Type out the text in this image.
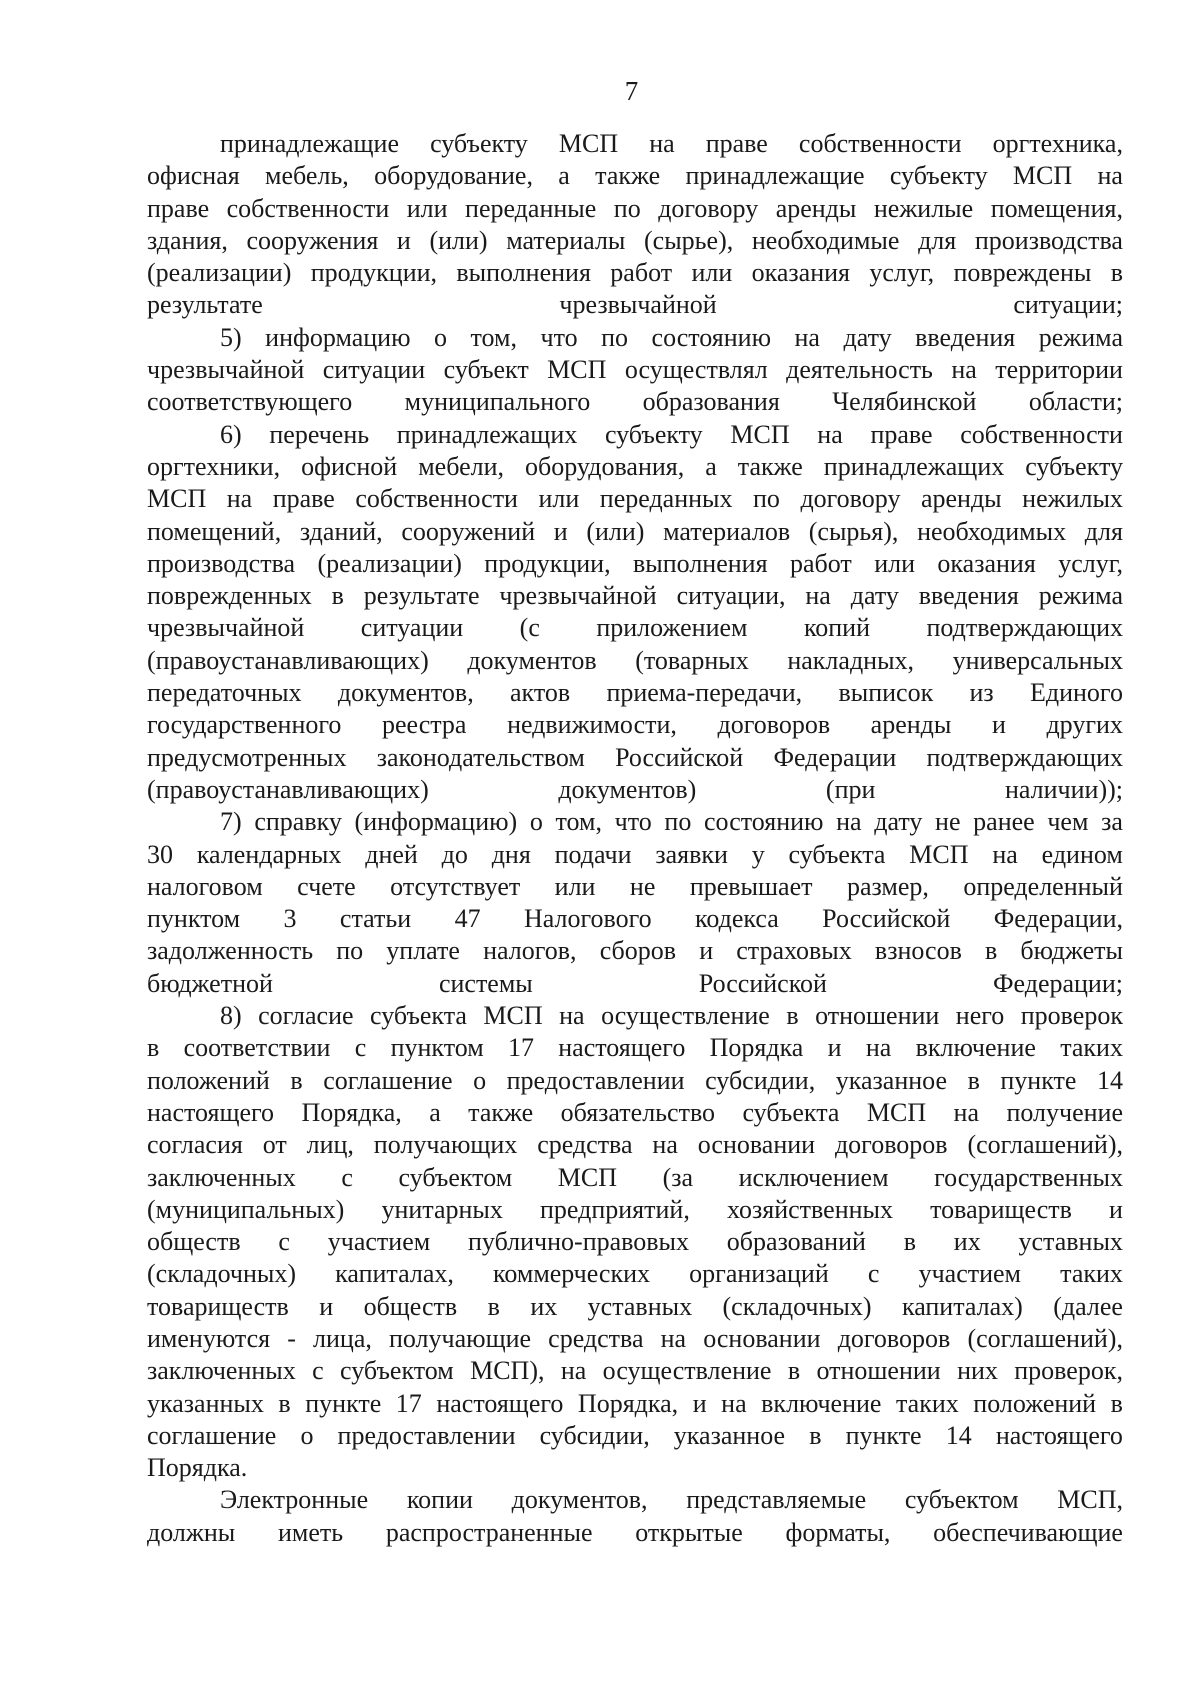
7
принадлежащие субъекту МСП на праве собственности оргтехника,
офисная мебель, оборудование, а также принадлежащие субъекту МСП на
праве собственности или переданные по договору аренды нежилые помещения,
здания, сооружения и (или) материалы (сырье), необходимые для производства
(реализации) продукции, выполнения работ или оказания услуг, повреждены в
результате чрезвычайной ситуации;
5) информацию о том, что по состоянию на дату введения режима
чрезвычайной ситуации субъект МСП осуществлял деятельность на территории
соответствующего муниципального образования Челябинской области;
6) перечень принадлежащих субъекту МСП на праве собственности
оргтехники, офисной мебели, оборудования, а также принадлежащих субъекту
МСП на праве собственности или переданных по договору аренды нежилых
помещений, зданий, сооружений и (или) материалов (сырья), необходимых для
производства (реализации) продукции, выполнения работ или оказания услуг,
поврежденных в результате чрезвычайной ситуации, на дату введения режима
чрезвычайной ситуации (с приложением копий подтверждающих
(правоустанавливающих) документов (товарных накладных, универсальных
передаточных документов, актов приема-передачи, выписок из Единого
государственного реестра недвижимости, договоров аренды и других
предусмотренных законодательством Российской Федерации подтверждающих
(правоустанавливающих) документов) (при наличии));
7) справку (информацию) о том, что по состоянию на дату не ранее чем за
30 календарных дней до дня подачи заявки у субъекта МСП на едином
налоговом счете отсутствует или не превышает размер, определенный
пунктом 3 статьи 47 Налогового кодекса Российской Федерации,
задолженность по уплате налогов, сборов и страховых взносов в бюджеты
бюджетной системы Российской Федерации;
8) согласие субъекта МСП на осуществление в отношении него проверок
в соответствии с пунктом 17 настоящего Порядка и на включение таких
положений в соглашение о предоставлении субсидии, указанное в пункте 14
настоящего Порядка, а также обязательство субъекта МСП на получение
согласия от лиц, получающих средства на основании договоров (соглашений),
заключенных с субъектом МСП (за исключением государственных
(муниципальных) унитарных предприятий, хозяйственных товариществ и
обществ с участием публично-правовых образований в их уставных
(складочных) капиталах, коммерческих организаций с участием таких
товариществ и обществ в их уставных (складочных) капиталах) (далее
именуются - лица, получающие средства на основании договоров (соглашений),
заключенных с субъектом МСП), на осуществление в отношении них проверок,
указанных в пункте 17 настоящего Порядка, и на включение таких положений в
соглашение о предоставлении субсидии, указанное в пункте 14 настоящего
Порядка.
Электронные копии документов, представляемые субъектом МСП,
должны иметь распространенные открытые форматы, обеспечивающие
